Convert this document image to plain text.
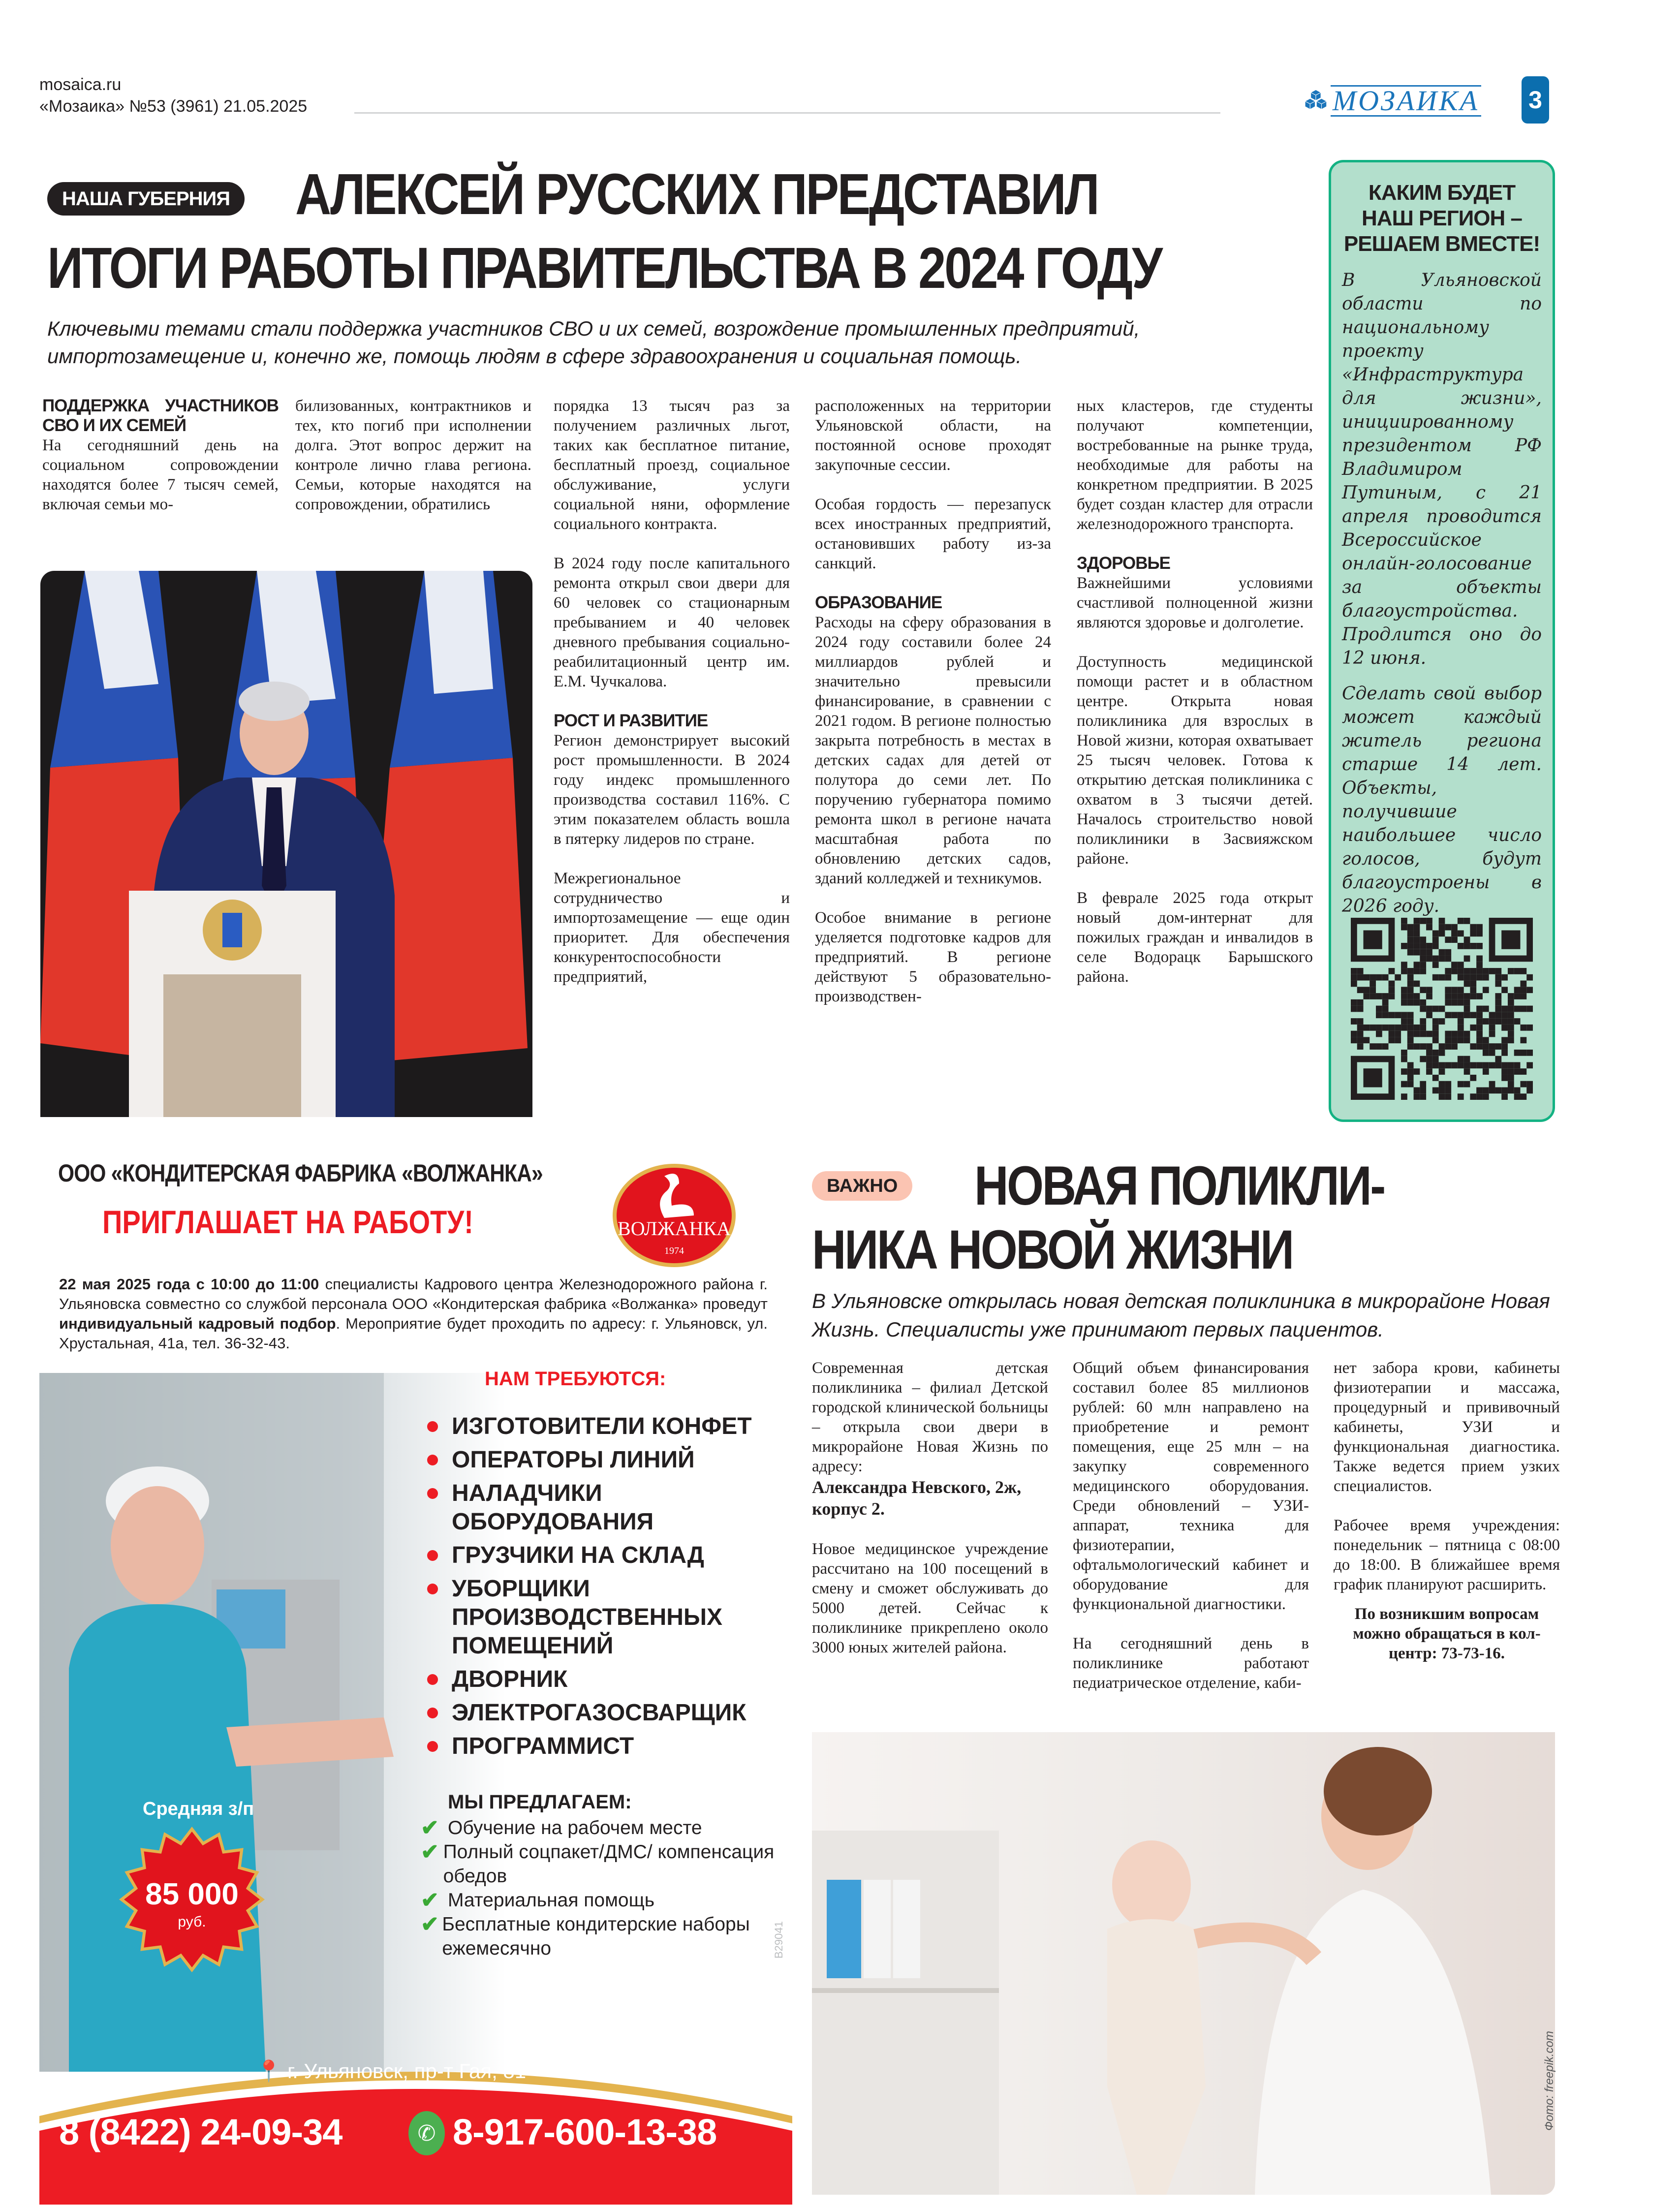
mosaica.ru
«Мозаика» №53 (3961) 21.05.2025	МОЗАИКА 3
НАША ГУБЕРНИЯ АЛЕКСЕЙ РУССКИХ ПРЕДСТАВИЛ
ИТОГИ РАБОТЫ ПРАВИТЕЛЬСТВА В 2024 ГОДУ
Ключевыми темами стали поддержка участников СВО и их семей, возрождение промышленных предприятий, импортозамещение и, конечно же, помощь людям в сфере здравоохранения и социальная помощь.
ПОДДЕРЖКА УЧАСТНИКОВ СВО И ИХ СЕМЕЙ

На сегодняшний день на социальном сопровождении находятся более 7 тысяч семей, включая семьи мо-

билизованных, контрактников и тех, кто погиб при исполнении долга. Этот вопрос держит на контроле лично глава региона. Семьи, которые находятся на сопровождении, обратились

порядка 13 тысяч раз за получением различных льгот, таких как бесплатное питание, бесплатный проезд, социальное обслуживание, услуги социальной няни, оформление социального контракта.

В 2024 году после капитального ремонта открыл свои двери для 60 человек со стационарным пребыванием и 40 человек дневного пребывания социально-реабилитационный центр им. Е.М. Чучкалова.

РОСТ И РАЗВИТИЕ

Регион демонстрирует высокий рост промышленности. В 2024 году индекс промышленного производства составил 116%. С этим показателем область вошла в пятерку лидеров по стране.

Межрегиональное сотрудничество и импортозамещение — еще один приоритет. Для обеспечения конкурентоспособности предприятий,

расположенных на территории Ульяновской области, на постоянной основе проходят закупочные сессии.

Особая гордость — перезапуск всех иностранных предприятий, остановивших работу из-за санкций.

ОБРАЗОВАНИЕ

Расходы на сферу образования в 2024 году составили более 24 миллиардов рублей и значительно превысили финансирование, в сравнении с 2021 годом. В регионе полностью закрыта потребность в местах в детских садах для детей от полутора до семи лет. По поручению губернатора помимо ремонта школ в регионе начата масштабная работа по обновлению детских садов, зданий колледжей и техникумов.

Особое внимание в регионе уделяется подготовке кадров для предприятий. В регионе действуют 5 образовательно-производствен-

ных кластеров, где студенты получают компетенции, востребованные на рынке труда, необходимые для работы на конкретном предприятии. В 2025 будет создан кластер для отрасли железнодорожного транспорта.

ЗДОРОВЬЕ

Важнейшими условиями счастливой полноценной жизни являются здоровье и долголетие.

Доступность медицинской помощи растет и в областном центре. Открыта новая поликлиника для взрослых в Новой жизни, которая охватывает 25 тысяч человек. Готова к открытию детская поликлиника с охватом в 3 тысячи детей. Началось строительство новой поликлиники в Засвияжском районе.

В феврале 2025 года открыт новый дом-интернат для пожилых граждан и инвалидов в селе Водорацк Барышского района.

КАКИМ БУДЕТ НАШ РЕГИОН – РЕШАЕМ ВМЕСТЕ!
В Ульяновской области по национальному проекту «Инфраструктура для жизни», инициированному президентом РФ Владимиром Путиным, с 21 апреля проводится Всероссийское онлайн-голосование за объекты благоустройства. Продлится оно до 12 июня.
Сделать свой выбор может каждый житель региона старше 14 лет. Объекты, получившие наибольшее число голосов, будут благоустроены в 2026 году.
ООО «КОНДИТЕРСКАЯ ФАБРИКА «ВОЛЖАНКА»
ПРИГЛАШАЕТ НА РАБОТУ!	ВОЛЖАНКА
1974
22 мая 2025 года с 10:00 до 11:00 специалисты Кадрового центра Железнодорожного района г. Ульяновска совместно со службой персонала ООО «Кондитерская фабрика «Волжанка» проведут индивидуальный кадровый подбор. Мероприятие будет проходить по адресу: г. Ульяновск, ул. Хрустальная, 41а, тел. 36-32-43.
НАМ ТРЕБУЮТСЯ:
ИЗГОТОВИТЕЛИ КОНФЕТ
ОПЕРАТОРЫ ЛИНИЙ
НАЛАДЧИКИ ОБОРУДОВАНИЯ
ГРУЗЧИКИ НА СКЛАД
УБОРЩИКИ ПРОИЗВОДСТВЕННЫХ ПОМЕЩЕНИЙ
ДВОРНИК
ЭЛЕКТРОГАЗОСВАРЩИК
ПРОГРАММИСТ
МЫ ПРЕДЛАГАЕМ:
✔ Обучение на рабочем месте
✔ Полный соцпакет/ДМС/ компенсация обедов
✔ Материальная помощь
✔ Бесплатные кондитерские наборы ежемесячно
Средняя з/п
85 000
руб.
📍 г. Ульяновск, пр-т Гая, 81
8 (8422) 24-09-34	✆ 8-917-600-13-38
В29041
ВАЖНО НОВАЯ ПОЛИКЛИ-
НИКА НОВОЙ ЖИЗНИ
В Ульяновске открылась новая детская поликлиника в микрорайоне Новая Жизнь. Специалисты уже принимают первых пациентов.

Современная детская поликлиника – филиал Детской городской клинической больницы – открыла свои двери в микрорайоне Новая Жизнь по адресу:

Александра Невского, 2ж, корпус 2.

Новое медицинское учреждение рассчитано на 100 посещений в смену и сможет обслуживать до 5000 детей. Сейчас к поликлинике прикреплено около 3000 юных жителей района.

Общий объем финансирования составил более 85 миллионов рублей: 60 млн направлено на приобретение и ремонт помещения, еще 25 млн – на закупку современного медицинского оборудования. Среди обновлений – УЗИ-аппарат, техника для физиотерапии, офтальмологический кабинет и оборудование для функциональной диагностики.

На сегодняшний день в поликлинике работают педиатрическое отделение, каби-

нет забора крови, кабинеты физиотерапии и массажа, процедурный и прививочный кабинеты, УЗИ и функциональная диагностика. Также ведется прием узких специалистов.

Рабочее время учреждения: понедельник – пятница с 08:00 до 18:00. В ближайшее время график планируют расширить.

По возникшим вопросам можно обращаться в кол-центр: 73-73-16.

Фото: freepik.com
